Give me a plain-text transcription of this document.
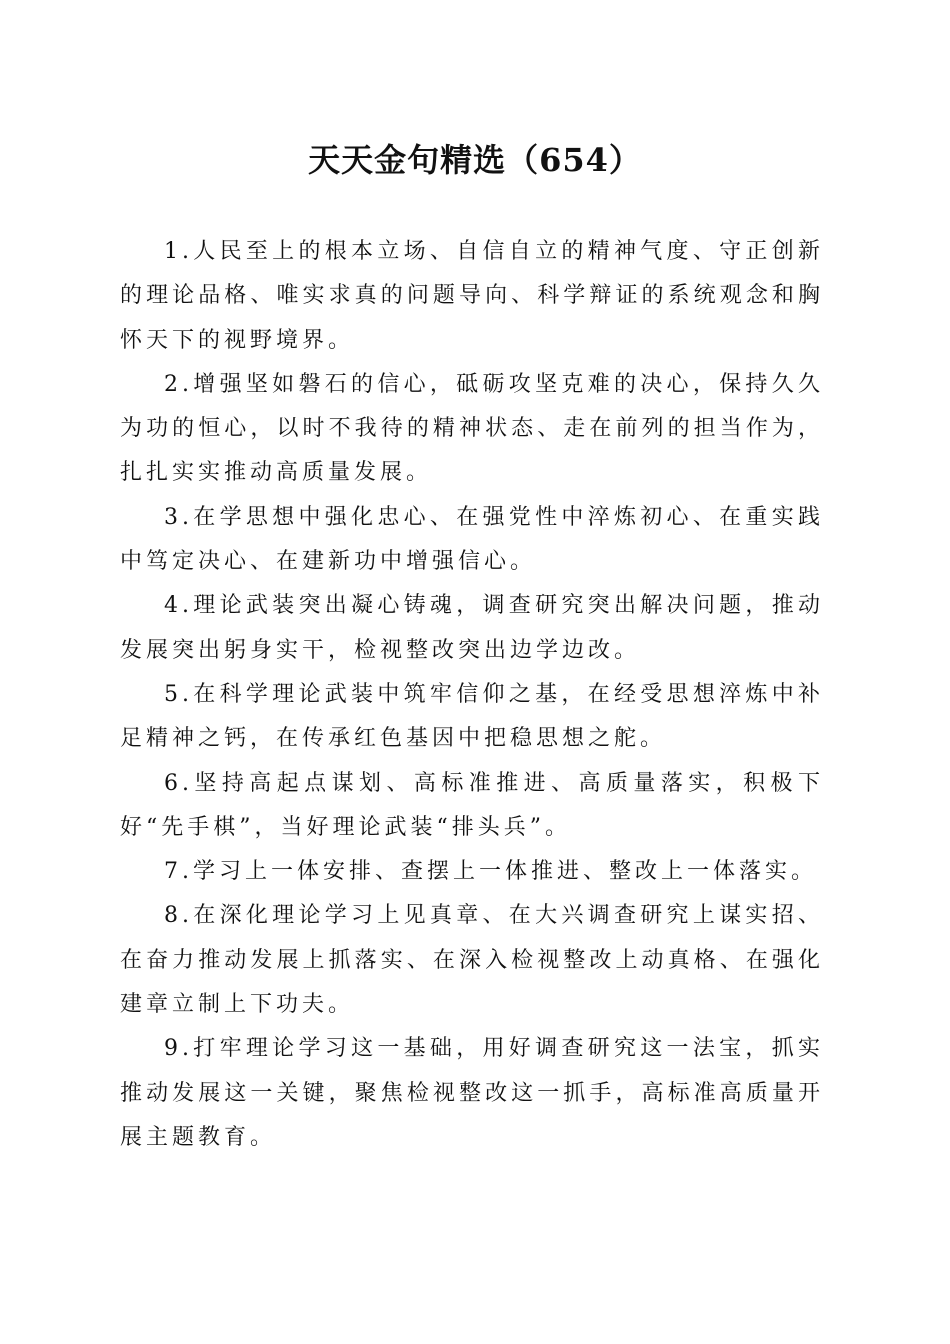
天天金句精选（654）

1.人民至上的根本立场、自信自立的精神气度、守正创新的理论品格、唯实求真的问题导向、科学辩证的系统观念和胸怀天下的视野境界。

2.增强坚如磐石的信心，砥砺攻坚克难的决心，保持久久为功的恒心，以时不我待的精神状态、走在前列的担当作为，扎扎实实推动高质量发展。

3.在学思想中强化忠心、在强党性中淬炼初心、在重实践中笃定决心、在建新功中增强信心。

4.理论武装突出凝心铸魂，调查研究突出解决问题，推动发展突出躬身实干，检视整改突出边学边改。

5.在科学理论武装中筑牢信仰之基，在经受思想淬炼中补足精神之钙，在传承红色基因中把稳思想之舵。

6.坚持高起点谋划、高标准推进、高质量落实，积极下好“先手棋”，当好理论武装“排头兵”。

7.学习上一体安排、查摆上一体推进、整改上一体落实。

8.在深化理论学习上见真章、在大兴调查研究上谋实招、在奋力推动发展上抓落实、在深入检视整改上动真格、在强化建章立制上下功夫。

9.打牢理论学习这一基础，用好调查研究这一法宝，抓实推动发展这一关键，聚焦检视整改这一抓手，高标准高质量开展主题教育。
